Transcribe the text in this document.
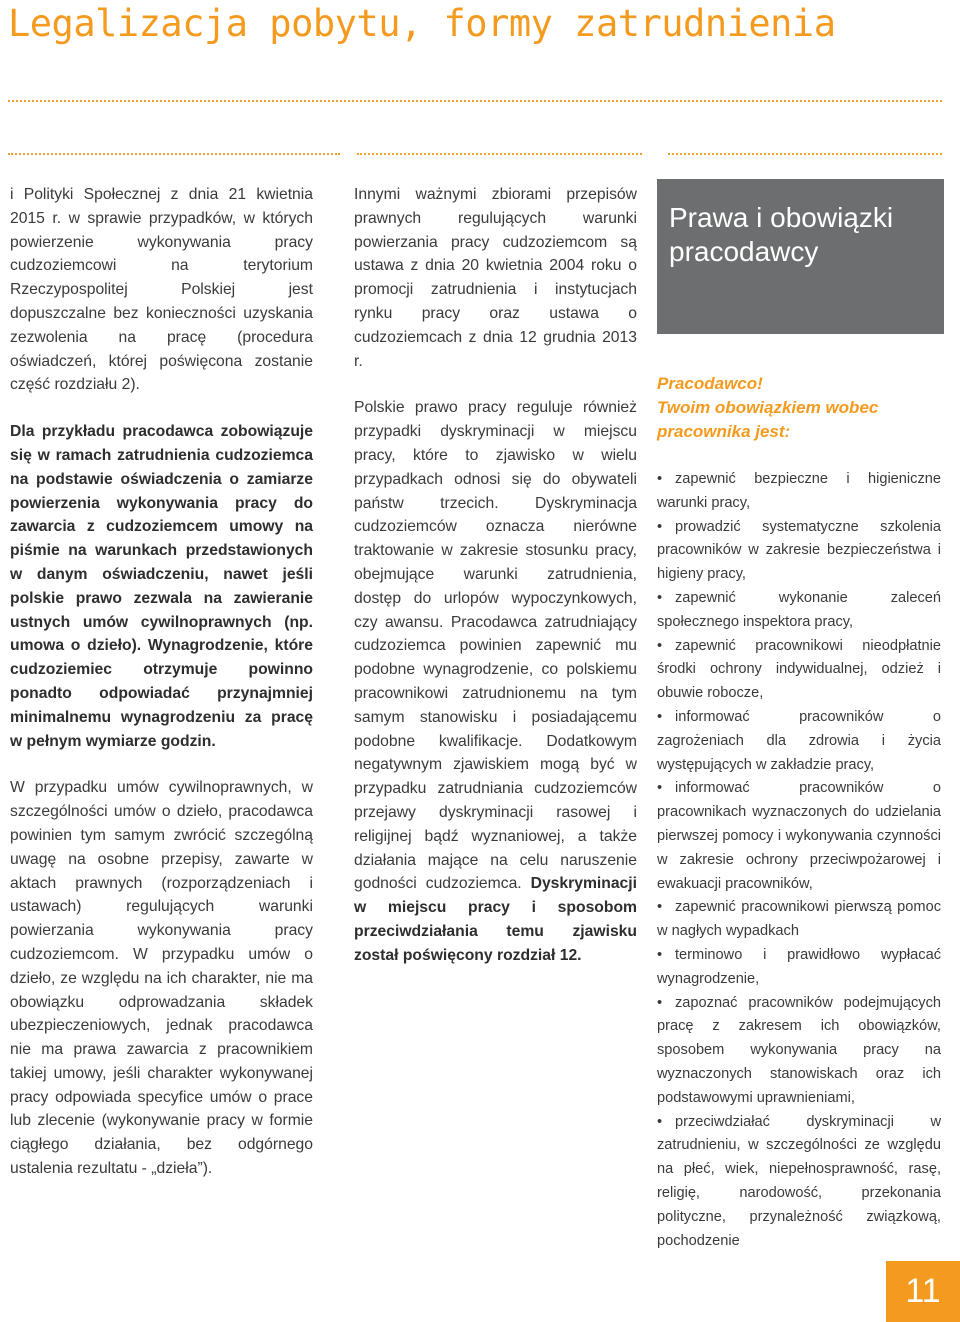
Legalizacja pobytu, formy zatrudnienia

i Polityki Społecznej z dnia 21 kwietnia 2015 r. w sprawie przypadków, w których powierzenie wykonywania pracy cudzoziemcowi na terytorium Rzeczypospolitej Polskiej jest dopuszczalne bez konieczności uzyskania zezwolenia na pracę (procedura oświadczeń, której poświęcona zostanie część rozdziału 2).

Dla przykładu pracodawca zobowiązuje się w ramach zatrudnienia cudzoziemca na podstawie oświadczenia o zamiarze powierzenia wykonywania pracy do zawarcia z cudzoziemcem umowy na piśmie na warunkach przedstawionych w danym oświadczeniu, nawet jeśli polskie prawo zezwala na zawieranie ustnych umów cywilnoprawnych (np. umowa o dzieło). Wynagrodzenie, które cudzoziemiec otrzymuje powinno ponadto odpowiadać przynajmniej minimalnemu wynagrodzeniu za pracę w pełnym wymiarze godzin.

W przypadku umów cywilnoprawnych, w szczególności umów o dzieło, pracodawca powinien tym samym zwrócić szczególną uwagę na osobne przepisy, zawarte w aktach prawnych (rozporządzeniach i ustawach) regulujących warunki powierzania wykonywania pracy cudzoziemcom. W przypadku umów o dzieło, ze względu na ich charakter, nie ma obowiązku odprowadzania składek ubezpieczeniowych, jednak pracodawca nie ma prawa zawarcia z pracownikiem takiej umowy, jeśli charakter wykonywanej pracy odpowiada specyfice umów o prace lub zlecenie (wykonywanie pracy w formie ciągłego działania, bez odgórnego ustalenia rezultatu - „dzieła”).

Innymi ważnymi zbiorami przepisów prawnych regulujących warunki powierzania pracy cudzoziemcom są ustawa z dnia 20 kwietnia 2004 roku o promocji zatrudnienia i instytucjach rynku pracy oraz ustawa o cudzoziemcach z dnia 12 grudnia 2013 r.

Polskie prawo pracy reguluje również przypadki dyskryminacji w miejscu pracy, które to zjawisko w wielu przypadkach odnosi się do obywateli państw trzecich. Dyskryminacja cudzoziemców oznacza nierówne traktowanie w zakresie stosunku pracy, obejmujące warunki zatrudnienia, dostęp do urlopów wypoczynkowych, czy awansu. Pracodawca zatrudniający cudzoziemca powinien zapewnić mu podobne wynagrodzenie, co polskiemu pracownikowi zatrudnionemu na tym samym stanowisku i posiadającemu podobne kwalifikacje. Dodatkowym negatywnym zjawiskiem mogą być w przypadku zatrudniania cudzoziemców przejawy dyskryminacji rasowej i religijnej bądź wyznaniowej, a także działania mające na celu naruszenie godności cudzoziemca. Dyskryminacji w miejscu pracy i sposobom przeciwdziałania temu zjawisku został poświęcony rozdział 12.

Prawa i obowiązki pracodawcy
Pracodawco!
Twoim obowiązkiem wobec pracownika jest:
• zapewnić bezpieczne i higieniczne warunki pracy,
• prowadzić systematyczne szkolenia pracowników w zakresie bezpieczeństwa i higieny pracy,
• zapewnić wykonanie zaleceń społecznego inspektora pracy,
• zapewnić pracownikowi nieodpłatnie środki ochrony indywidualnej, odzież i obuwie robocze,
• informować pracowników o zagrożeniach dla zdrowia i życia występujących w zakładzie pracy,
• informować pracowników o pracownikach wyznaczonych do udzielania pierwszej pomocy i wykonywania czynności w zakresie ochrony przeciwpożarowej i ewakuacji pracowników,
• zapewnić pracownikowi pierwszą pomoc w nagłych wypadkach
• terminowo i prawidłowo wypłacać wynagrodzenie,
• zapoznać pracowników podejmujących pracę z zakresem ich obowiązków, sposobem wykonywania pracy na wyznaczonych stanowiskach oraz ich podstawowymi uprawnieniami,
• przeciwdziałać dyskryminacji w zatrudnieniu, w szczególności ze względu na płeć, wiek, niepełnosprawność, rasę, religię, narodowość, przekonania polityczne, przynależność związkową, pochodzenie
11
